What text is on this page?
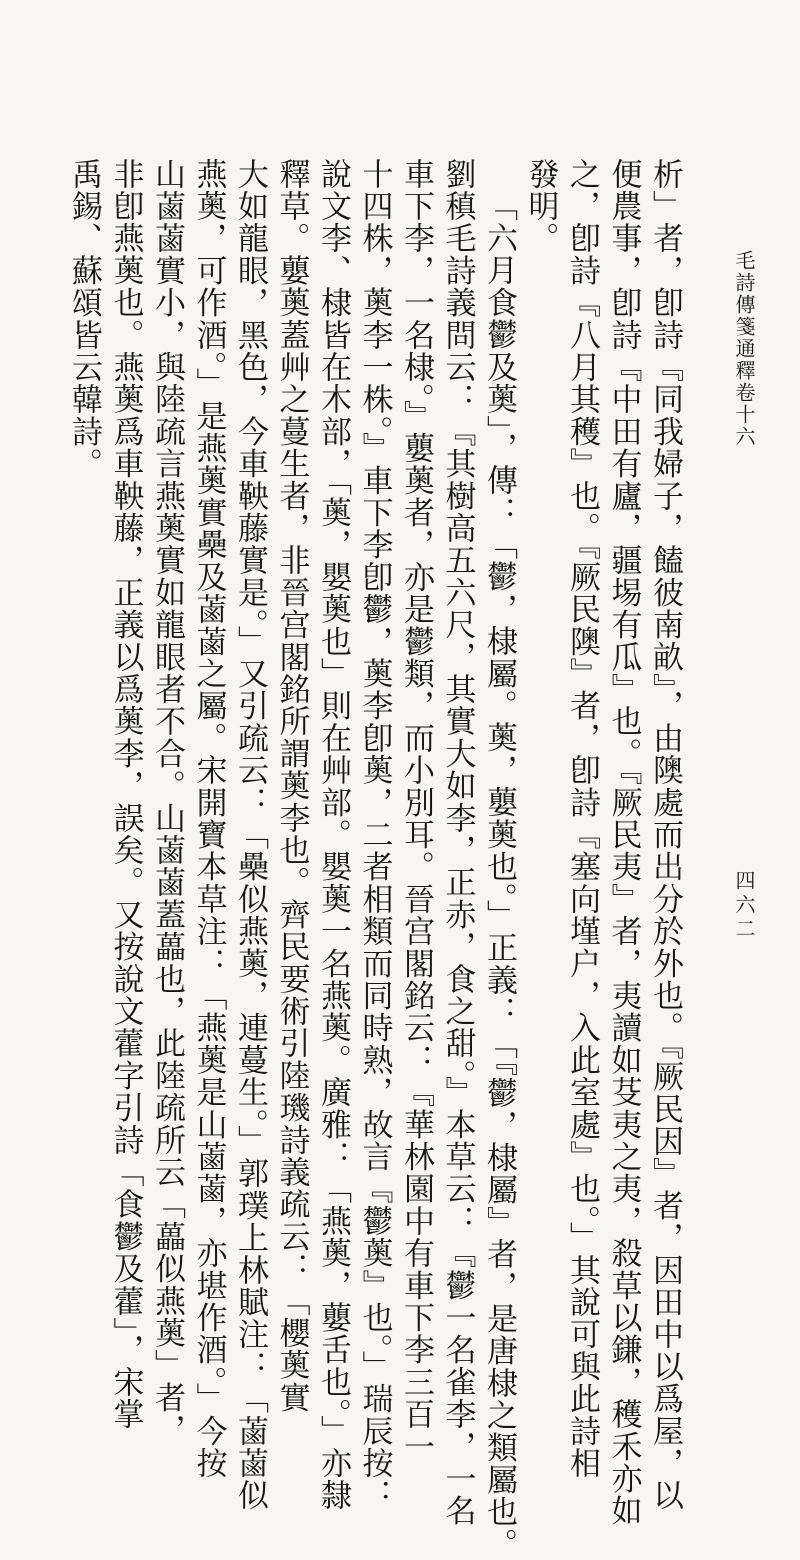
毛詩傳箋通釋卷十六
四六二
析」者，卽詩『同我婦子，饁彼南畝』，由隩處而出分於外也。『厥民因』者，因田中以爲屋，以
便農事，卽詩『中田有廬，疆埸有瓜』也。『厥民夷』者，夷讀如芟夷之夷，殺草以鎌，穫禾亦如
之，卽詩『八月其穫』也。『厥民隩』者，卽詩『塞向墐户，入此室處』也。」其說可與此詩相
發明。
「六月食鬱及薁」，傳：「鬱，棣屬。薁，蘡薁也。」正義：「『鬱，棣屬』者，是唐棣之類屬也。
劉稹毛詩義問云：『其樹高五六尺，其實大如李，正赤，食之甜。』本草云：『鬱一名雀李，一名
車下李，一名棣。』蘡薁者，亦是鬱類，而小別耳。晉宫閣銘云：『華林園中有車下李三百一
十四株，薁李一株。』車下李卽鬱，薁李卽薁，二者相類而同時熟，故言『鬱薁』也。」瑞辰按：
說文李、棣皆在木部，「薁，嬰薁也」則在艸部。嬰薁一名燕薁。廣雅：「燕薁，蘡舌也。」亦隸
釋草。蘡薁蓋艸之蔓生者，非晉宫閣銘所謂薁李也。齊民要術引陸璣詩義疏云：「櫻薁實
大如龍眼，黑色，今車鞅藤實是。」又引疏云：「櫐似燕薁，連蔓生。」郭璞上林賦注：「蓾蓾似
燕薁，可作酒。」是燕薁實櫐及蓾蓾之屬。宋開寶本草注：「燕薁是山蓾蓾，亦堪作酒。」今按
山蓾蓾實小，與陸疏言燕薁實如龍眼者不合。山蓾蓾蓋藟也，此陸疏所云「藟似燕薁」者，
非卽燕薁也。燕薁爲車鞅藤，正義以爲薁李，誤矣。又按說文藿字引詩「食鬱及藿」，宋掌
禹錫、蘇頌皆云韓詩。
